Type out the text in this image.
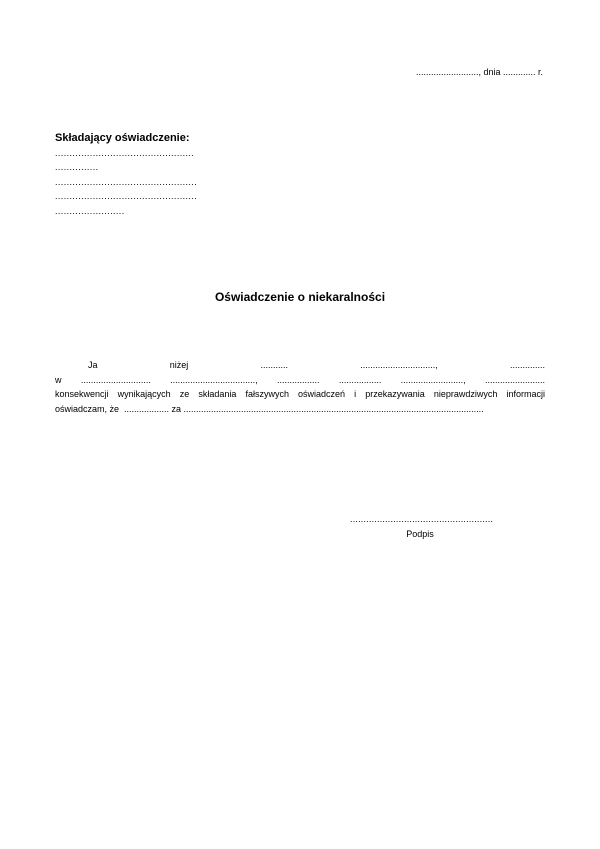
........................., dnia ............. r.
Składający oświadczenie:
................................................
...............
.................................................
.................................................
........................
Oświadczenie o niekaralności
Ja niżej ........... .............................., ..............
w ............................ .................................., ................. ................. ........................., ........................
konsekwencji wynikających ze składania fałszywych oświadczeń i przekazywania nieprawdziwych informacji
oświadczam, że  .................. za ........................................................................................................................
.....................................................
Podpis
